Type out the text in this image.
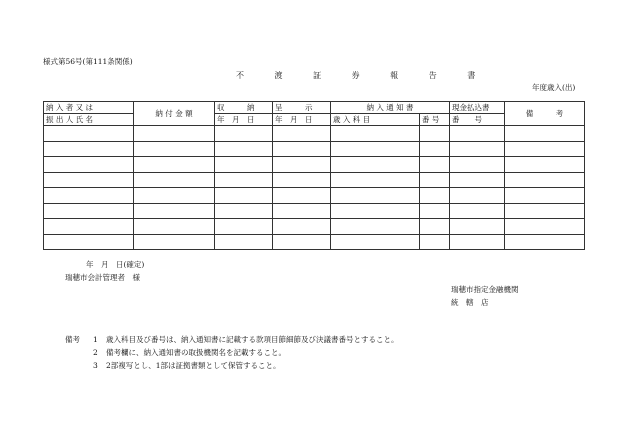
様式第56号(第111条関係)
不 渡 証 券 報 告 書
年度歳入(出)
納 入 者 又 は	納 付 金 額	収　　　納	呈　　　示	納 入 通 知 書		現金払込書	備　　　考

振 出 人 氏 名		年　月　日	年　月　日	歳 入 科 目	番 号	番　　号	

年　月　日(確定)
瑞穂市会計管理者　様
瑞穂市指定金融機関
統　轄　店
備考	1	歳入科目及び番号は、納入通知書に記載する款項目節細節及び決議書番号とすること。
2	備考欄に、納入通知書の取扱機関名を記載すること。
3	2部複写とし、1部は証拠書類として保管すること。
